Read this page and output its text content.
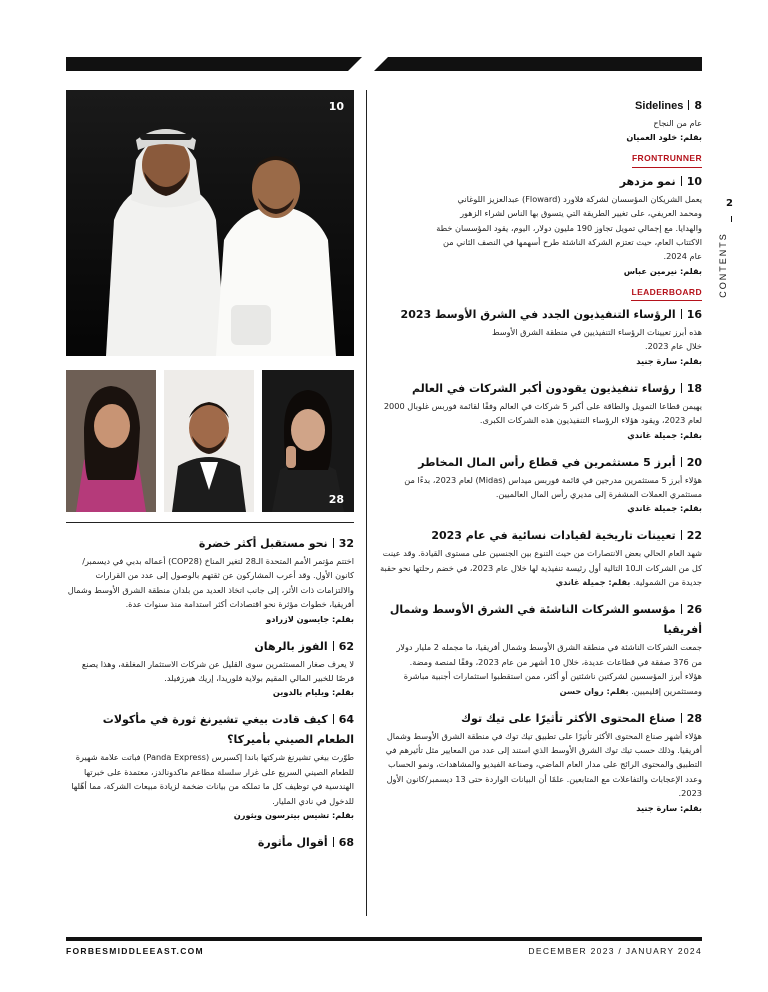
10
28
2
CONTENTS
8Sidelines
عام من النجاح
بقلم: خلود العميان
FRONTRUNNER
10نمو مزدهر
يعمل الشريكان المؤسسان لشركة فلاورد (Floward) عبدالعزيز اللوغاني ومحمد العريفي، على تغيير الطريقة التي يتسوق بها الناس لشراء الزهور والهدايا. مع إجمالي تمويل تجاوز 190 مليون دولار، اليوم، يقود المؤسسان خطة الاكتتاب العام، حيث تعتزم الشركة الناشئة طرح أسهمها في النصف الثاني من عام 2024.
بقلم: نيرمين عباس
LEADERBOARD
16الرؤساء التنفيذيون الجدد في الشرق الأوسط 2023
هذه أبرز تعيينات الرؤساء التنفيذيين في منطقة الشرق الأوسط خلال عام 2023.
بقلم: سارة جنيد
18رؤساء تنفيذيون يقودون أكبر الشركات في العالم
يهيمن قطاعا التمويل والطاقة على أكبر 5 شركات في العالم وفقًا لقائمة فوربس غلوبال 2000 لعام 2023، ويقود هؤلاء الرؤساء التنفيذيون هذه الشركات الكبرى.
بقلم: جميلة غاندي
20أبرز 5 مستثمرين في قطاع رأس المال المخاطر
هؤلاء أبرز 5 مستثمرين مدرجين في قائمة فوربس ميداس (Midas) لعام 2023، بدءًا من مستثمري العملات المشفرة إلى مديري رأس المال العالميين.
بقلم: جميلة غاندي
22تعيينات تاريخية لقيادات نسائية في عام 2023
شهد العام الحالي بعض الانتصارات من حيث التنوع بين الجنسين على مستوى القيادة. وقد عينت كل من الشركات الـ10 التالية أول رئيسة تنفيذية لها خلال عام 2023، في خضم رحلتها نحو حقبة جديدة من الشمولية. بقلم: جميلة غاندي
26مؤسسو الشركات الناشئة في الشرق الأوسط وشمال أفريقيا
جمعت الشركات الناشئة في منطقة الشرق الأوسط وشمال أفريقيا، ما مجمله 2 مليار دولار من 376 صفقة في قطاعات عديدة، خلال 10 أشهر من عام 2023، وفقًا لمنصة ومضة. هؤلاء أبرز المؤسسين لشركتين ناشئتين أو أكثر، ممن استقطبوا استثمارات أجنبية مباشرة ومستثمرين إقليميين. بقلم: روان حسن
28صناع المحتوى الأكثر تأثيرًا على تيك توك
هؤلاء أشهر صناع المحتوى الأكثر تأثيرًا على تطبيق تيك توك في منطقة الشرق الأوسط وشمال أفريقيا. وذلك حسب تيك توك الشرق الأوسط الذي استند إلى عدد من المعايير مثل تأثيرهم في التطبيق والمحتوى الرائج على مدار العام الماضي، وصناعة الفيديو والمشاهدات، ونمو الحساب وعدد الإعجابات والتفاعلات مع المتابعين. علمًا أن البيانات الواردة حتى 13 ديسمبر/كانون الأول 2023.
بقلم: سارة جنيد
32نحو مستقبل أكثر خضرة
اختتم مؤتمر الأمم المتحدة الـ28 لتغير المناخ (COP28) أعماله بدبي في ديسمبر/كانون الأول. وقد أعرب المشاركون عن ثقتهم بالوصول إلى عدد من القرارات والالتزامات ذات الأثر، إلى جانب اتخاذ العديد من بلدان منطقة الشرق الأوسط وشمال أفريقيا، خطوات مؤثرة نحو اقتصادات أكثر استدامة منذ سنوات عدة.
بقلم: جايسون لازرادو
62الفوز بالرهان
لا يعرف صغار المستثمرين سوى القليل عن شركات الاستثمار المغلقة، وهذا يصنع فرصًا للخبير المالي المقيم بولاية فلوريدا، إريك هيرزفيلد.
بقلم: ويليام بالدوين
64كيف قادت بيغي تشيرنغ ثورة في مأكولات الطعام الصيني بأميركا؟
طوّرت بيغي تشيرنغ شركتها باندا إكسبرس (Panda Express) فباتت علامة شهيرة للطعام الصيني السريع على غرار سلسلة مطاعم ماكدونالدز، معتمدة على خبرتها الهندسية في توظيف كل ما تملكه من بيانات ضخمة لزيادة مبيعات الشركة، مما أهّلها للدخول في نادي المليار.
بقلم: تشيس بيترسون ويثورن
68أقوال مأثورة
FORBESMIDDLEEAST.COM	DECEMBER 2023 / JANUARY 2024
